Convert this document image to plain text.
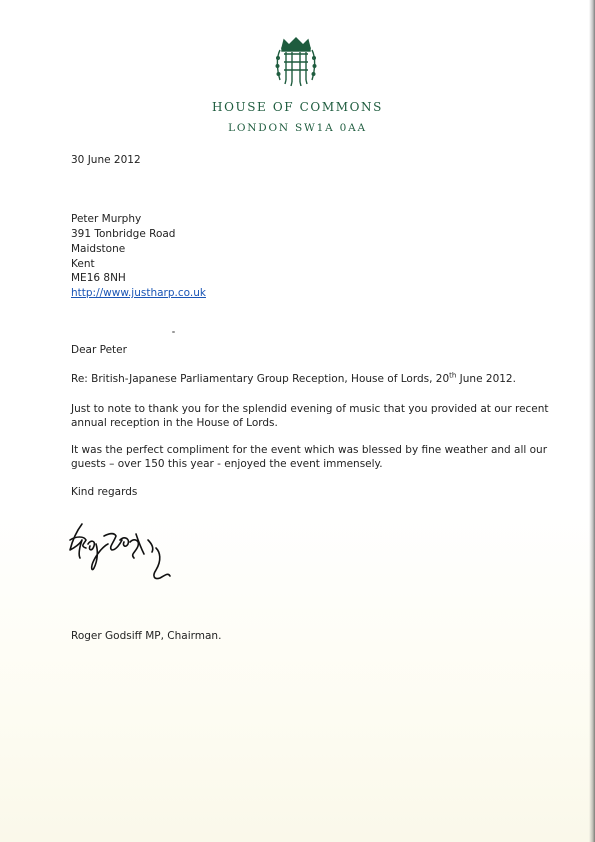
HOUSE OF COMMONS
LONDON SW1A 0AA
30 June 2012
Peter Murphy
391 Tonbridge Road
Maidstone
Kent
ME16 8NH
http://www.justharp.co.uk
Dear Peter
Re: British-Japanese Parliamentary Group Reception, House of Lords, 20th June 2012.
Just to note to thank you for the splendid evening of music that you provided at our recent
annual reception in the House of Lords.
It was the perfect compliment for the event which was blessed by fine weather and all our
guests – over 150 this year - enjoyed the event immensely.
Kind regards
Roger Godsiff MP, Chairman.
